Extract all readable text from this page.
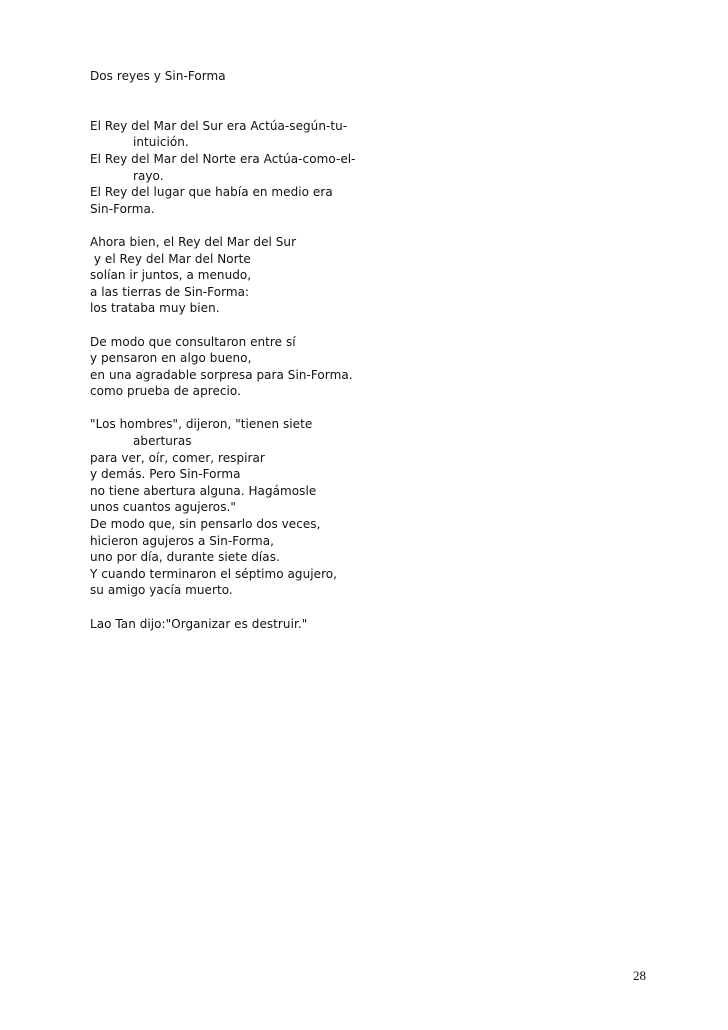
Dos reyes y Sin-Forma
El Rey del Mar del Sur era Actúa-según-tu-
intuición.
El Rey del Mar del Norte era Actúa-como-el-
rayo.
El Rey del lugar que había en medio era
Sin-Forma.
Ahora bien, el Rey del Mar del Sur
y el Rey del Mar del Norte
solían ir juntos, a menudo,
a las tierras de Sin-Forma:
los trataba muy bien.
De modo que consultaron entre sí
y pensaron en algo bueno,
en una agradable sorpresa para Sin-Forma.
como prueba de aprecio.
"Los hombres", dijeron, "tienen siete
aberturas
para ver, oír, comer, respirar
y demás. Pero Sin-Forma
no tiene abertura alguna. Hagámosle
unos cuantos agujeros."
De modo que, sin pensarlo dos veces,
hicieron agujeros a Sin-Forma,
uno por día, durante siete días.
Y cuando terminaron el séptimo agujero,
su amigo yacía muerto.
Lao Tan dijo:"Organizar es destruir."
28
